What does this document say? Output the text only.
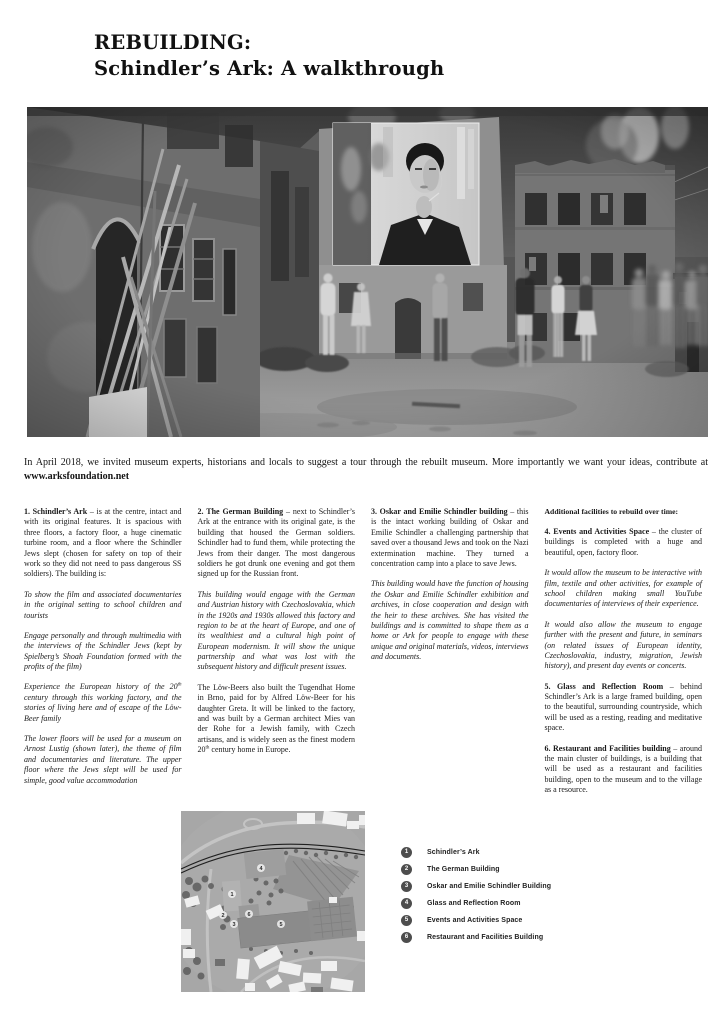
REBUILDING:
Schindler’s Ark: A walkthrough

In April 2018, we invited museum experts, historians and locals to suggest a tour through the rebuilt museum. More importantly we want your ideas, contribute at www.arksfoundation.net

1. Schindler’s Ark – is at the centre, intact and with its original features. It is spacious with three floors, a factory floor, a huge cinematic turbine room, and a floor where the Schindler Jews slept (chosen for safety on top of their work so they did not need to pass dangerous SS soldiers). The building is:

To show the film and associated documentaries in the original setting to school children and tourists

Engage personally and through multimedia with the interviews of the Schindler Jews (kept by Spielberg’s Shoah Foundation formed with the profits of the film)

Experience the European history of the 20th century through this working factory, and the stories of living here and of escape of the Löw-Beer family

The lower floors will be used for a museum on Arnost Lustig (shown later), the theme of film and documentaries and literature. The upper floor where the Jews slept will be used for simple, good value accommodation

2. The German Building – next to Schindler’s Ark at the entrance with its original gate, is the building that housed the German soldiers. Schindler had to fund them, while protecting the Jews from their danger. The most dangerous soldiers he got drunk one evening and got them signed up for the Russian front.

This building would engage with the German and Austrian history with Czechoslovakia, which in the 1920s and 1930s allowed this factory and region to be at the heart of Europe, and one of its wealthiest and a cultural high point of European modernism. It will show the unique partnership and what was lost with the subsequent history and difficult present issues.

The Löw-Beers also built the Tugendhat Home in Brno, paid for by Alfred Löw-Beer for his daughter Greta. It will be linked to the factory, and was built by a German architect Mies van der Rohe for a Jewish family, with Czech artisans, and is widely seen as the finest modern 20th century home in Europe.

3. Oskar and Emilie Schindler building – this is the intact working building of Oskar and Emilie Schindler a challenging partnership that saved over a thousand Jews and took on the Nazi extermination machine. They turned a concentration camp into a place to save Jews.

This building would have the function of housing the Oskar and Emilie Schindler exhibition and archives, in close cooperation and design with the heir to these archives. She has visited the buildings and is committed to shape them as a home or Ark for people to engage with these unique and original materials, videos, interviews and documents.

Additional facilities to rebuild over time:

4. Events and Activities Space – the cluster of buildings is completed with a huge and beautiful, open, factory floor.

It would allow the museum to be interactive with film, textile and other activities, for example of school children making small YouTube documentaries of interviews of their experience.

It would also allow the museum to engage further with the present and future, in seminars (on related issues of European identity, Czechoslovakia, industry, migration, Jewish history), and present day events or concerts.

5. Glass and Reflection Room – behind Schindler’s Ark is a large framed building, open to the beautiful, surrounding countryside, which will be used as a resting, reading and meditative space.

6. Restaurant and Facilities building – around the main cluster of buildings, is a building that will be used as a restaurant and facilities building, open to the museum and to the village as a resource.

1
2
3
4
5
6
1	Schindler’s Ark
2	The German Building
3	Oskar and Emilie Schindler Building
4	Glass and Reflection Room
5	Events and Activities Space
6	Restaurant and Facilities Building
